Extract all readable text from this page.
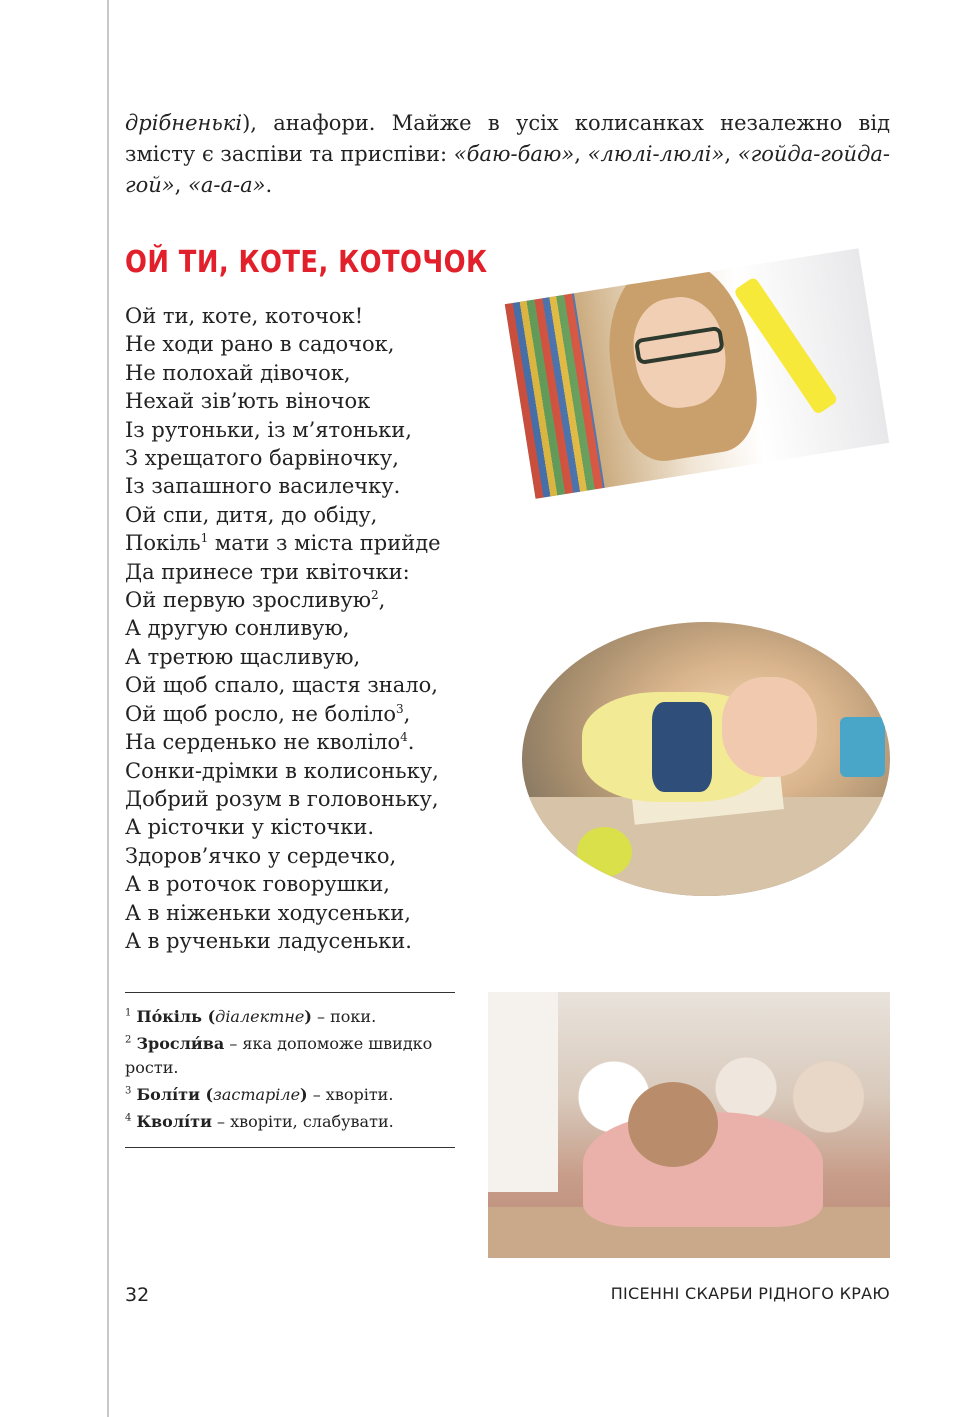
дрібненькі), анафори. Майже в усіх колисанках незалежно від змісту є заспіви та приспіви: «баю-баю», «люлі-люлі», «гойда-гойда-гой», «а-а-а».
ОЙ ТИ, КОТЕ, КОТОЧОК
Ой ти, коте, коточок!
Не ходи рано в садочок,
Не полохай дівочок,
Нехай зів’ють віночок
Із рутоньки, із м’ятоньки,
З хрещатого барвіночку,
Із запашного василечку.
Ой спи, дитя, до обіду,
Покіль$^1$ мати з міста прийде
Да принесе три квіточки:
Ой первую зросливую$^2$,
А другую сонливую,
А третюю щасливую,
Ой щоб спало, щастя знало,
Ой щоб росло, не боліло$^3$,
На серденько не кволіло$^4$.
Сонки-дрімки в колисоньку,
Добрий розум в головоньку,
А рісточки у кісточки.
Здоров’ячко у сердечко,
А в роточок говорушки,
А в ніженьки ходусеньки,
А в рученьки ладусеньки.
$^1$ По́кіль (діалектне) – поки.
$^2$ Зросли́ва – яка допоможе швидко рости.
$^3$ Болі́ти (застаріле) – хворіти.
$^4$ Кволі́ти – хворіти, слабувати.
32	ПІСЕННІ СКАРБИ РІДНОГО КРАЮ
